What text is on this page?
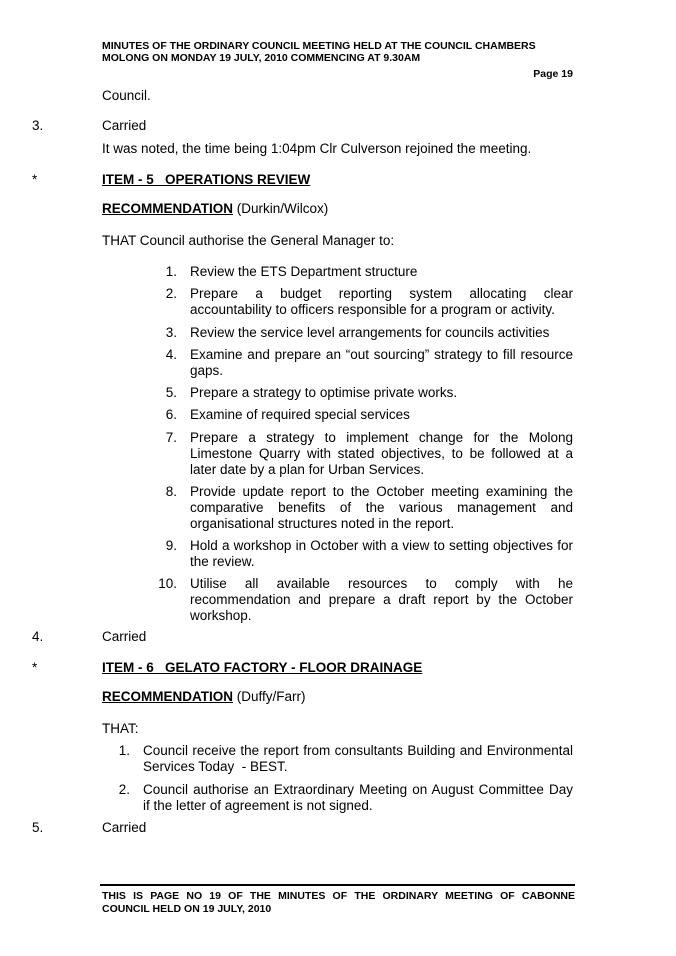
MINUTES OF THE ORDINARY COUNCIL MEETING HELD AT THE COUNCIL CHAMBERS
MOLONG ON MONDAY 19 JULY, 2010 COMMENCING AT 9.30AM
Page 19
Council.
3.	Carried
It was noted, the time being 1:04pm Clr Culverson rejoined the meeting.
*	ITEM - 5   OPERATIONS REVIEW
RECOMMENDATION (Durkin/Wilcox)
THAT Council authorise the General Manager to:
1. Review the ETS Department structure
2. Prepare a budget reporting system allocating clear
accountability to officers responsible for a program or activity.
3. Review the service level arrangements for councils activities
4. Examine and prepare an “out sourcing” strategy to fill resource
gaps.
5. Prepare a strategy to optimise private works.
6. Examine of required special services
7. Prepare a strategy to implement change for the Molong
Limestone Quarry with stated objectives, to be followed at a
later date by a plan for Urban Services.
8. Provide update report to the October meeting examining the
comparative benefits of the various management and
organisational structures noted in the report.
9. Hold a workshop in October with a view to setting objectives for
the review.
10. Utilise all available resources to comply with he
recommendation and prepare a draft report by the October
workshop.
4.	Carried
*	ITEM - 6   GELATO FACTORY - FLOOR DRAINAGE
RECOMMENDATION (Duffy/Farr)
THAT:
1. Council receive the report from consultants Building and Environmental
Services Today  - BEST.
2. Council authorise an Extraordinary Meeting on August Committee Day
if the letter of agreement is not signed.
5.	Carried
THIS IS PAGE NO 19 OF THE MINUTES OF THE ORDINARY MEETING OF CABONNE
COUNCIL HELD ON 19 JULY, 2010
